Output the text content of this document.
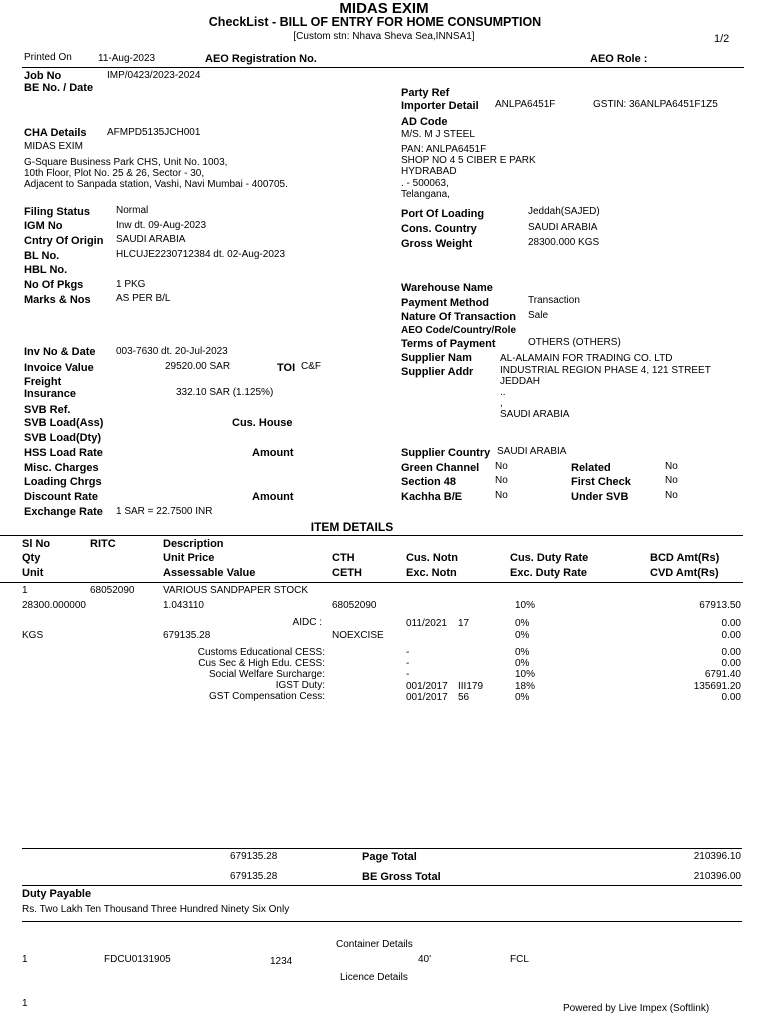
MIDAS EXIM
CheckList - BILL OF ENTRY FOR HOME CONSUMPTION
[Custom stn: Nhava Sheva Sea,INNSA1]	1/2
Printed On	11-Aug-2023	AEO Registration No.	AEO Role :
Job No	IMP/0423/2023-2024
BE No. / Date
CHA Details AFMPD5135JCH001
MIDAS EXIM
G-Square Business Park CHS, Unit No. 1003,
10th Floor, Plot No. 25 & 26, Sector - 30,
Adjacent to Sanpada station, Vashi, Navi Mumbai - 400705.
Filing Status	Normal
IGM No	Inw dt. 09-Aug-2023
Cntry Of Origin SAUDI ARABIA
BL No.	HLCUJE2230712384 dt. 02-Aug-2023
HBL No.
No Of Pkgs	1 PKG
Marks & Nos	AS PER B/L
Inv No & Date 003-7630 dt. 20-Jul-2023
Invoice Value	29520.00 SAR	TOI C&F
Freight
Insurance	332.10 SAR (1.125%)
SVB Ref.
SVB Load(Ass)	Cus. House
SVB Load(Dty)
HSS Load Rate	Amount
Misc. Charges
Loading Chrgs
Discount Rate	Amount
Exchange Rate 1 SAR = 22.7500 INR
Party Ref
Importer Detail ANLPA6451F	GSTIN: 36ANLPA6451F1Z5
AD Code
M/S. M J STEEL
PAN: ANLPA6451F
SHOP NO 4 5 CIBER E PARK
HYDRABAD
. - 500063,
Telangana,
Port Of Loading	Jeddah(SAJED)
Cons. Country	SAUDI ARABIA
Gross Weight	28300.000 KGS
Warehouse Name
Payment Method	Transaction
Nature Of Transaction Sale
AEO Code/Country/Role
Terms of Payment	OTHERS (OTHERS)
Supplier Nam	AL-ALAMAIN FOR TRADING CO. LTD
Supplier Addr	INDUSTRIAL REGION PHASE 4, 121 STREET
JEDDAH
..
,
SAUDI ARABIA
Supplier Country SAUDI ARABIA
Green Channel No	Related	No
Section 48	No	First Check	No
Kachha B/E	No	Under SVB	No
ITEM DETAILS
Sl No	RITC	Description
Qty	Unit Price	CTH	Cus. Notn	Cus. Duty Rate	BCD Amt(Rs)
Unit	Assessable Value	CETH	Exc. Notn	Exc. Duty Rate	CVD Amt(Rs)
1	68052090	VARIOUS SANDPAPER STOCK
28300.000000	1.043110	68052090	10%	67913.50
AIDC :	011/2021 17	0%	0.00
KGS	679135.28	NOEXCISE	0%	0.00
Customs Educational CESS:	-	0%	0.00
Cus Sec & High Edu. CESS:	-	0%	0.00
Social Welfare Surcharge:	-	10%	6791.40
IGST Duty:	001/2017 III179	18%	135691.20
GST Compensation Cess:	001/2017 56	0%	0.00
679135.28	Page Total	210396.10
679135.28	BE Gross Total	210396.00
Duty Payable
Rs. Two Lakh Ten Thousand Three Hundred Ninety Six Only
Container Details
1	FDCU0131905	1234	40'	FCL
Licence Details
1	Powered by Live Impex (Softlink)
